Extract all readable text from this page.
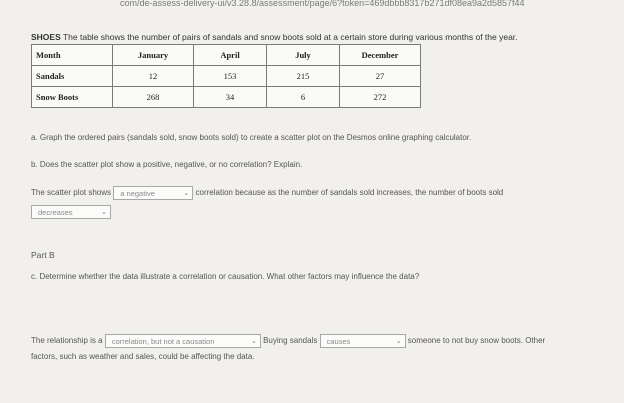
com/de-assess-delivery-ui/v3.28.8/assessment/page/6?token=469dbbb8317b271df08ea9a2d5857f44
SHOES The table shows the number of pairs of sandals and snow boots sold at a certain store during various months of the year.
Month	January	April	July	December
Sandals	12	153	215	27
Snow Boots	268	34	6	272
a. Graph the ordered pairs (sandals sold, snow boots sold) to create a scatter plot on the Desmos online graphing calculator.
b. Does the scatter plot show a positive, negative, or no correlation? Explain.
The scatter plot shows a negative	⌄ correlation because as the number of sandals sold increases, the number of boots sold
decreases	⌄
Part B
c. Determine whether the data illustrate a correlation or causation. What other factors may influence the data?
The relationship is a correlation, but not a causation	⌄ Buying sandals causes	⌄ someone to not buy snow boots. Other
factors, such as weather and sales, could be affecting the data.
